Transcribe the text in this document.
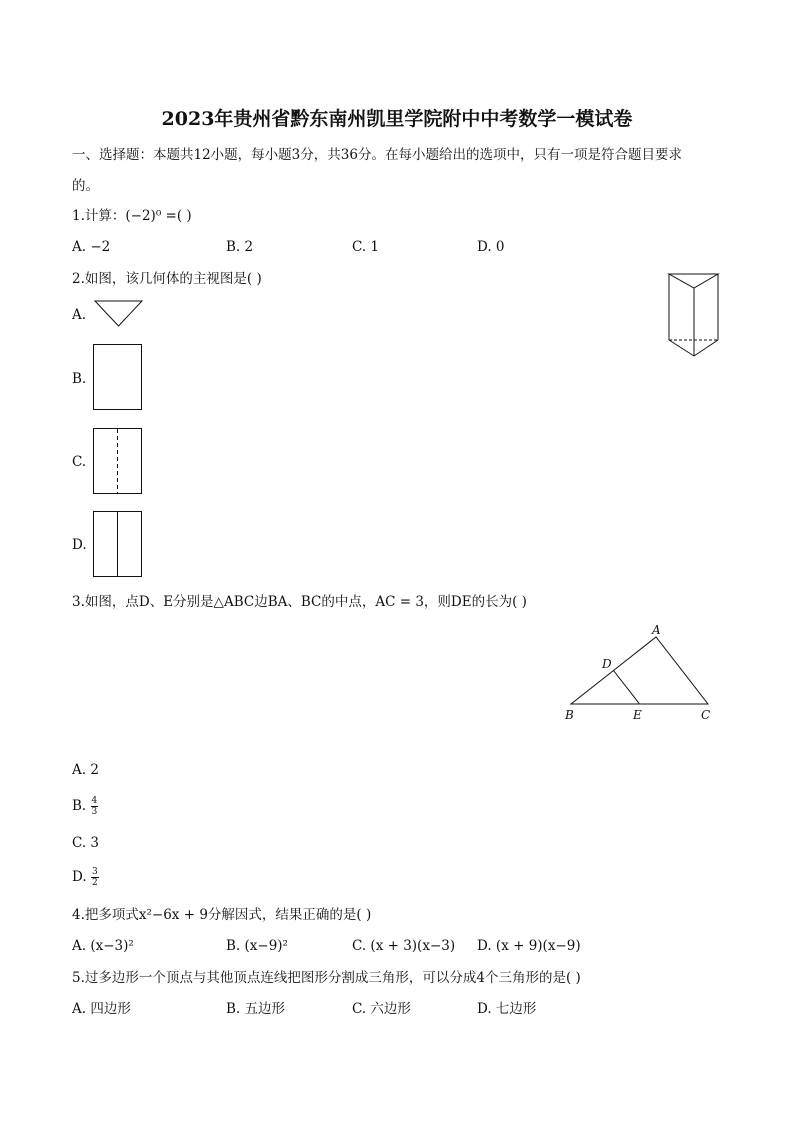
2023年贵州省黔东南州凯里学院附中中考数学一模试卷
一、选择题：本题共12小题，每小题3分，共36分。在每小题给出的选项中，只有一项是符合题目要求
的。
1.计算：(−2)⁰ =( )
A. −2	B. 2	C. 1	D. 0
2.如图，该几何体的主视图是( )
A.
B.
C.
D.
3.如图，点D、E分别是△ABC边BA、BC的中点，AC = 3，则DE的长为( )
A
D
B	E	C
A. 2
B. $\frac{4}{3}$
C. 3
D. $\frac{3}{2}$
4.把多项式x²−6x + 9分解因式，结果正确的是( )
A. (x−3)²	B. (x−9)²	C. (x + 3)(x−3) D. (x + 9)(x−9)
5.过多边形一个顶点与其他顶点连线把图形分割成三角形，可以分成4个三角形的是( )
A. 四边形	B. 五边形	C. 六边形	D. 七边形
